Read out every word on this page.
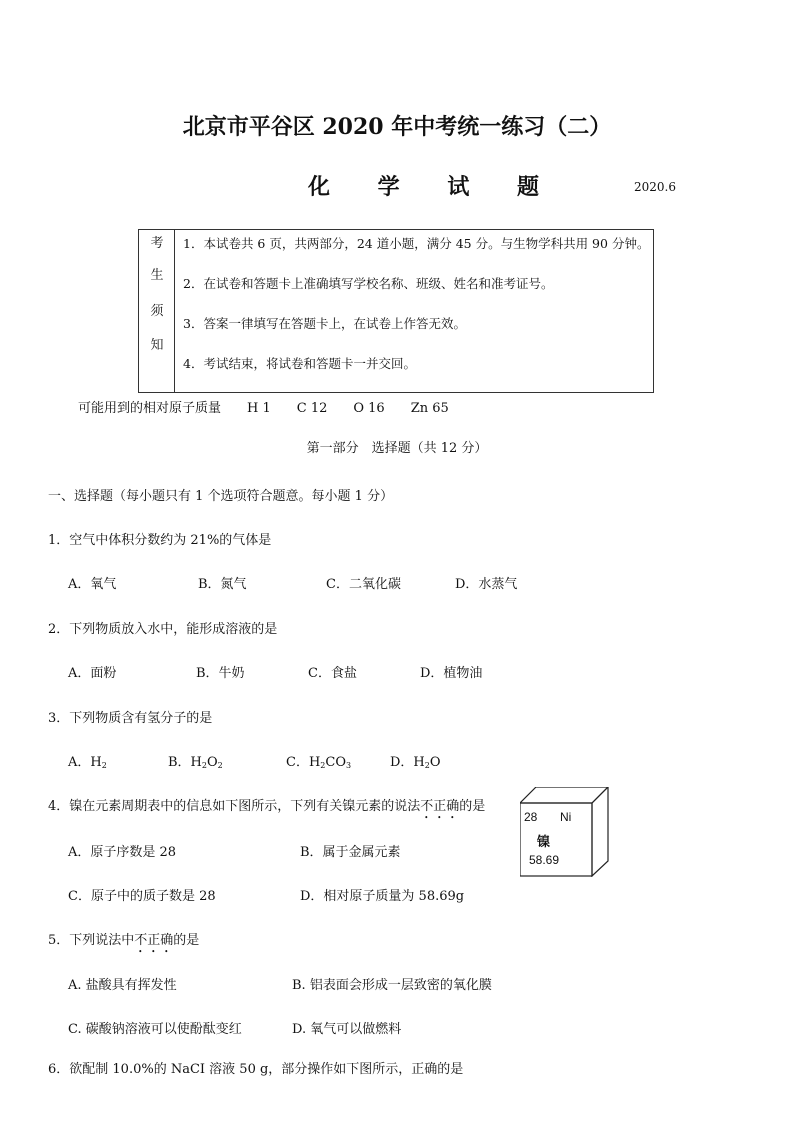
北京市平谷区 2020 年中考统一练习（二）
化 学 试 题	2020.6
考
生
须
知
1．本试卷共 6 页，共两部分，24 道小题，满分 45 分。与生物学科共用 90 分钟。
2．在试卷和答题卡上准确填写学校名称、班级、姓名和准考证号。
3．答案一律填写在答题卡上，在试卷上作答无效。
4．考试结束，将试卷和答题卡一并交回。
可能用到的相对原子质量　　H 1　　C 12　　O 16　　Zn 65
第一部分　选择题（共 12 分）
一、选择题（每小题只有 1 个选项符合题意。每小题 1 分）
1．空气中体积分数约为 21%的气体是
A．氧气	B．氮气	C．二氧化碳	D．水蒸气
2．下列物质放入水中，能形成溶液的是
A．面粉	B．牛奶	C．食盐	D．植物油
3．下列物质含有氢分子的是
A．$H_2$	B．$H_2O_2$	C．$H_2CO_3$	D．$H_2O$
4．镍在元素周期表中的信息如下图所示，下列有关镍元素的说法不正确的是
A．原子序数是 28	B．属于金属元素
C．原子中的质子数是 28	D．相对原子质量为 58.69g
28 Ni
镍
58.69
5．下列说法中不正确的是
A. 盐酸具有挥发性	B. 铝表面会形成一层致密的氧化膜
C. 碳酸钠溶液可以使酚酞变红	D. 氧气可以做燃料
6．欲配制 10.0%的 NaCI 溶液 50 g，部分操作如下图所示，正确的是
